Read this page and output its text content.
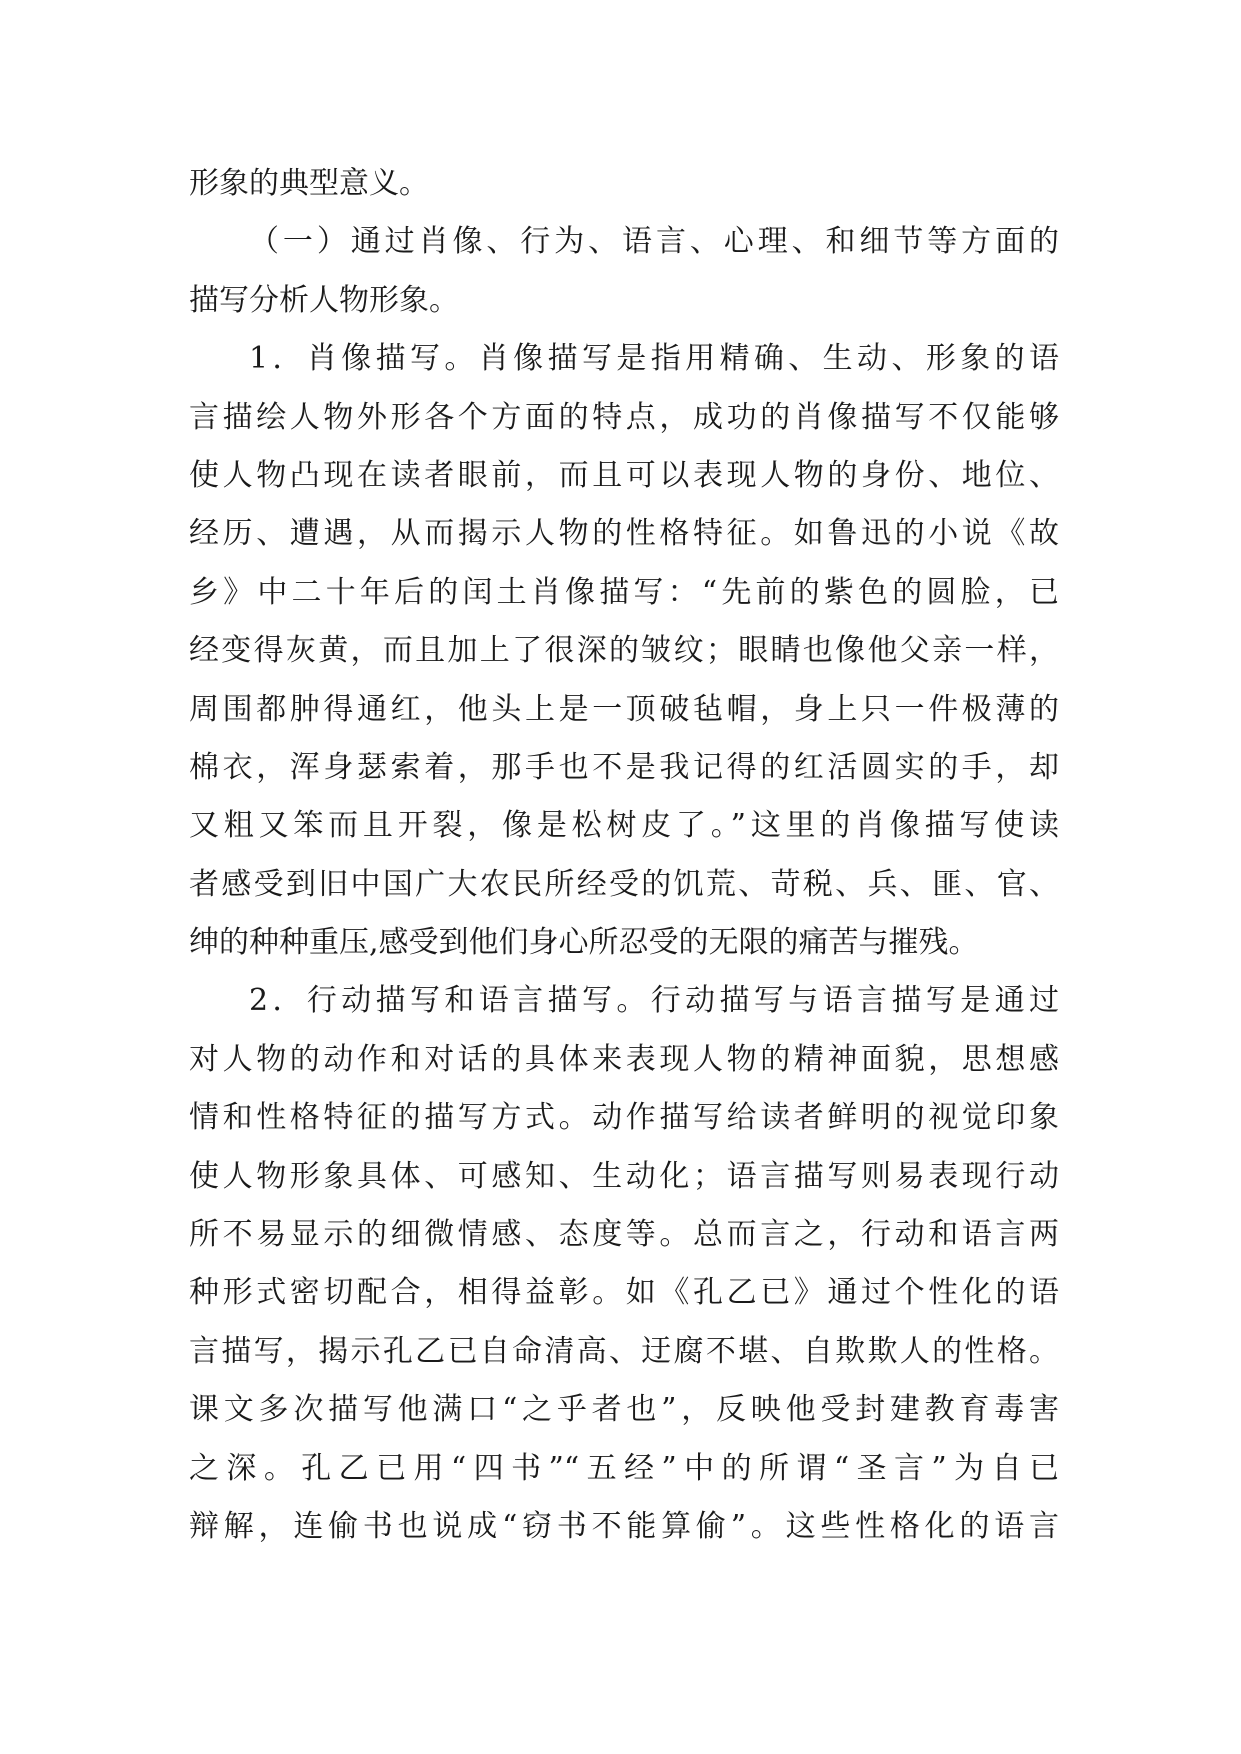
形象的典型意义。
（一）通过肖像、行为、语言、心理、和细节等方面的
描写分析人物形象。
1．肖像描写。肖像描写是指用精确、生动、形象的语
言描绘人物外形各个方面的特点，成功的肖像描写不仅能够
使人物凸现在读者眼前，而且可以表现人物的身份、地位、
经历、遭遇，从而揭示人物的性格特征。如鲁迅的小说《故
乡》中二十年后的闰土肖像描写：“先前的紫色的圆脸，已
经变得灰黄，而且加上了很深的皱纹；眼睛也像他父亲一样，
周围都肿得通红，他头上是一顶破毡帽，身上只一件极薄的
棉衣，浑身瑟索着，那手也不是我记得的红活圆实的手，却
又粗又笨而且开裂，像是松树皮了。”这里的肖像描写使读
者感受到旧中国广大农民所经受的饥荒、苛税、兵、匪、官、
绅的种种重压,感受到他们身心所忍受的无限的痛苦与摧残。
2．行动描写和语言描写。行动描写与语言描写是通过
对人物的动作和对话的具体来表现人物的精神面貌，思想感
情和性格特征的描写方式。动作描写给读者鲜明的视觉印象
使人物形象具体、可感知、生动化；语言描写则易表现行动
所不易显示的细微情感、态度等。总而言之，行动和语言两
种形式密切配合，相得益彰。如《孔乙已》通过个性化的语
言描写，揭示孔乙已自命清高、迂腐不堪、自欺欺人的性格。
课文多次描写他满口“之乎者也”，反映他受封建教育毒害
之深。孔乙已用“四书”“五经”中的所谓“圣言”为自已
辩解，连偷书也说成“窃书不能算偷”。这些性格化的语言
